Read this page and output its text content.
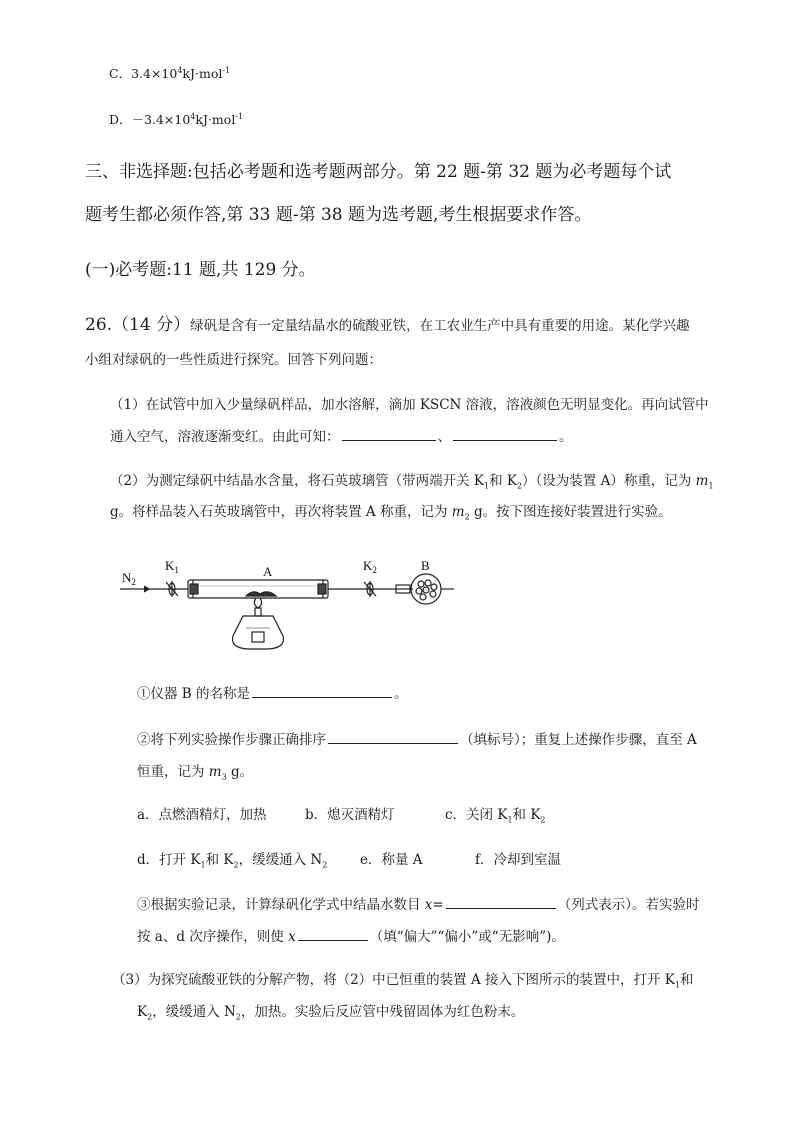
C．$3.4\times 10^4kJ\cdot mol^{-1}$
D．$-3.4\times 10^4kJ\cdot mol^{-1}$
三、非选择题:包括必考题和选考题两部分。第 22 题-第 32 题为必考题每个试
题考生都必须作答,第 33 题-第 38 题为选考题,考生根据要求作答。
(一)必考题:11 题,共 129 分。
26.（14 分）绿矾是含有一定量结晶水的硫酸亚铁，在工农业生产中具有重要的用途。某化学兴趣
小组对绿矾的一些性质进行探究。回答下列问题：
（1）在试管中加入少量绿矾样品，加水溶解，滴加 KSCN 溶液，溶液颜色无明显变化。再向试管中
通入空气，溶液逐渐变红。由此可知：	、	。
（2）为测定绿矾中结晶水含量，将石英玻璃管（带两端开关 $K_1$和 $K_2$）（设为装置 A）称重，记为 $m_1$
g。将样品装入石英玻璃管中，再次将装置 A 称重，记为 $m_2$ g。按下图连接好装置进行实验。
$N_2$
$K_1$	A	$K_2$	B
①仪器 B 的名称是	。
②将下列实验操作步骤正确排序	（填标号）；重复上述操作步骤，直至 A
恒重，记为 $m_3$ g。
a．点燃酒精灯，加热	b．熄灭酒精灯	c．关闭 $K_1$和 $K_2$
d．打开 $K_1$和 $K_2$，缓缓通入 $N_2$ e．称量 A	f．冷却到室温
③根据实验记录，计算绿矾化学式中结晶水数目 x=	（列式表示）。若实验时
按 a、d 次序操作，则使 x	（填“偏大”“偏小”或“无影响”)。
（3）为探究硫酸亚铁的分解产物，将（2）中已恒重的装置 A 接入下图所示的装置中，打开 $K_1$和
$K_2$，缓缓通入 $N_2$，加热。实验后反应管中残留固体为红色粉末。
